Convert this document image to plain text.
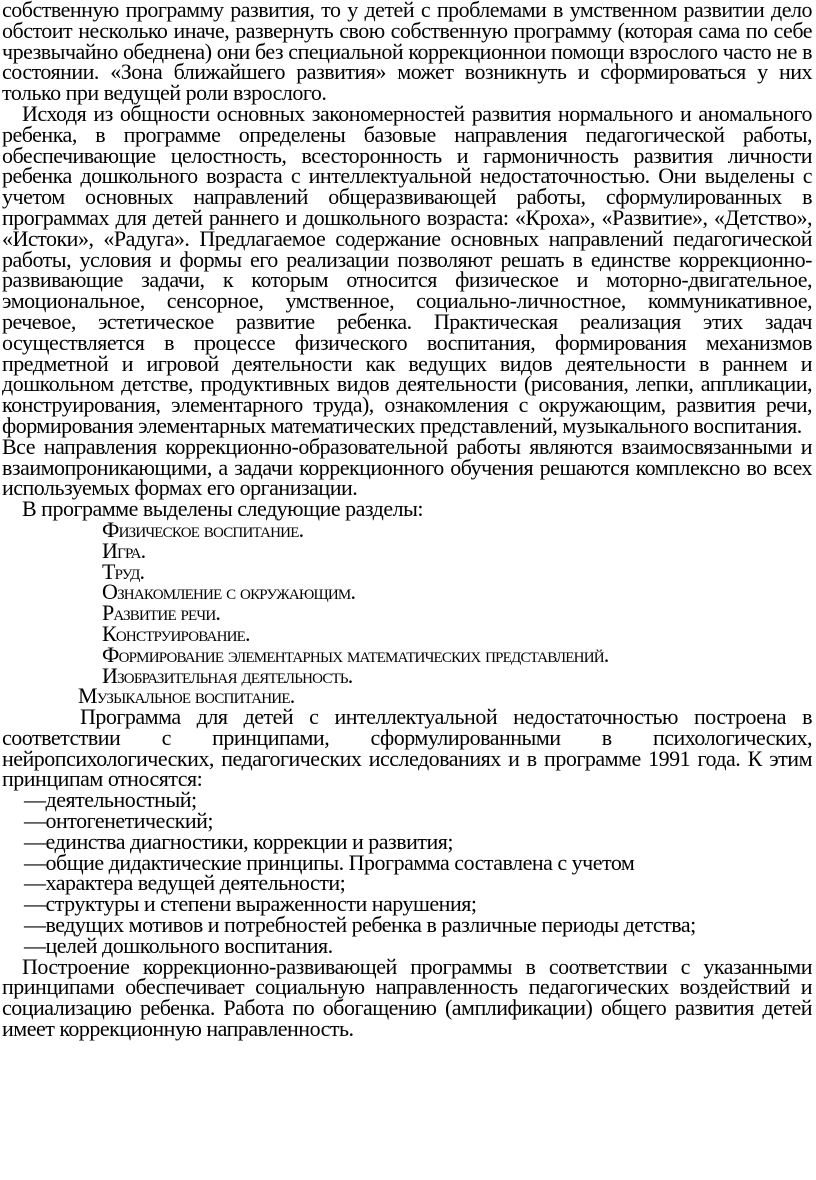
собственную программу развития, то у детей с проблемами в умственном развитии дело обстоит несколько иначе, развернуть свою собственную программу (которая сама по себе чрезвычайно обеднена) они без специальной коррекционнои помощи взрослого часто не в состоянии. «Зона ближайшего развития» может возникнуть и сформироваться у них только при ведущей роли взрослого.

Исходя из общности основных закономерностей развития нормального и аномального ребенка, в программе определены базовые направления педагогической работы, обеспечивающие целостность, всесторонность и гармоничность развития личности ребенка дошкольного возраста с интеллектуальной недостаточностью. Они выделены с учетом основных направлений общеразвивающей работы, сформулированных в программах для детей раннего и дошкольного возраста: «Кроха», «Развитие», «Детство», «Истоки», «Радуга». Предлагаемое содержание основных направлений педагогической работы, условия и формы его реализации позволяют решать в единстве коррекционно-развивающие задачи, к которым относится физическое и моторно-двигательное, эмоциональное, сенсорное, умственное, социально-личностное, коммуникативное, речевое, эстетическое развитие ребенка. Практическая реализация этих задач осуществляется в процессе физического воспитания, формирования механизмов предметной и игровой деятельности как ведущих видов деятельности в раннем и дошкольном детстве, продуктивных видов деятельности (рисования, лепки, аппликации, конструирования, элементарного труда), ознакомления с окружающим, развития речи, формирования элементарных математических представлений, музыкального воспитания.

Все направления коррекционно-образовательной работы являются взаимосвязанными и взаимопроникающими, а задачи коррекционного обучения решаются комплексно во всех используемых формах его организации.

В программе выделены следующие разделы:

Физическое воспитание.
Игра.
Труд.
Ознакомление с окружающим.
Развитие речи.
Конструирование.
Формирование элементарных математических представлений.
Изобразительная деятельность.
Музыкальное воспитание.

Программа для детей с интеллектуальной недостаточностью построена в соответствии с принципами, сформулированными в психологических, нейропсихологических, педагогических исследованиях и в программе 1991 года. К этим принципам относятся:

—деятельностный;
—онтогенетический;
—единства диагностики, коррекции и развития;
—общие дидактические принципы. Программа составлена с учетом
—характера ведущей деятельности;
—структуры и степени выраженности нарушения;
—ведущих мотивов и потребностей ребенка в различные периоды детства;
—целей дошкольного воспитания.

Построение коррекционно-развивающей программы в соответствии с указанными принципами обеспечивает социальную направленность педагогических воздействий и социализацию ребенка. Работа по обогащению (амплификации) общего развития детей имеет коррекционную направленность.
